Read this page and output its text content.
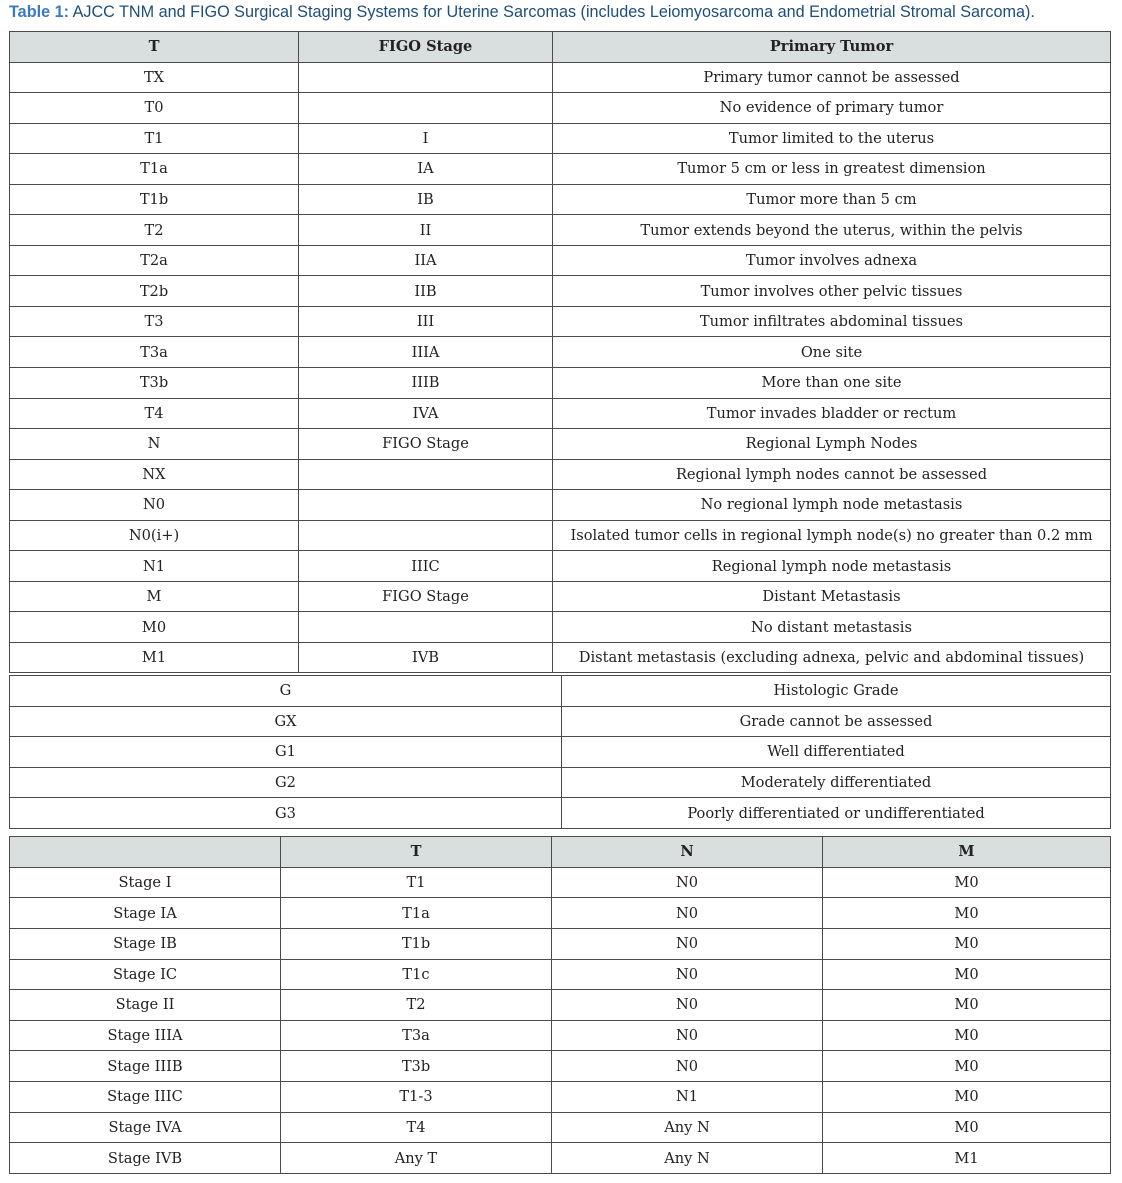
Table 1: AJCC TNM and FIGO Surgical Staging Systems for Uterine Sarcomas (includes Leiomyosarcoma and Endometrial Stromal Sarcoma).
T	FIGO Stage	Primary Tumor
TX		Primary tumor cannot be assessed
T0		No evidence of primary tumor
T1	I	Tumor limited to the uterus
T1a	IA	Tumor 5 cm or less in greatest dimension
T1b	IB	Tumor more than 5 cm
T2	II	Tumor extends beyond the uterus, within the pelvis
T2a	IIA	Tumor involves adnexa
T2b	IIB	Tumor involves other pelvic tissues
T3	III	Tumor infiltrates abdominal tissues
T3a	IIIA	One site
T3b	IIIB	More than one site
T4	IVA	Tumor invades bladder or rectum
N	FIGO Stage	Regional Lymph Nodes
NX		Regional lymph nodes cannot be assessed
N0		No regional lymph node metastasis
N0(i+)		Isolated tumor cells in regional lymph node(s) no greater than 0.2 mm
N1	IIIC	Regional lymph node metastasis
M	FIGO Stage	Distant Metastasis
M0		No distant metastasis
M1	IVB	Distant metastasis (excluding adnexa, pelvic and abdominal tissues)
G	Histologic Grade
GX	Grade cannot be assessed
G1	Well differentiated
G2	Moderately differentiated
G3	Poorly differentiated or undifferentiated
	T	N	M
Stage I	T1	N0	M0
Stage IA	T1a	N0	M0
Stage IB	T1b	N0	M0
Stage IC	T1c	N0	M0
Stage II	T2	N0	M0
Stage IIIA	T3a	N0	M0
Stage IIIB	T3b	N0	M0
Stage IIIC	T1-3	N1	M0
Stage IVA	T4	Any N	M0
Stage IVB	Any T	Any N	M1
